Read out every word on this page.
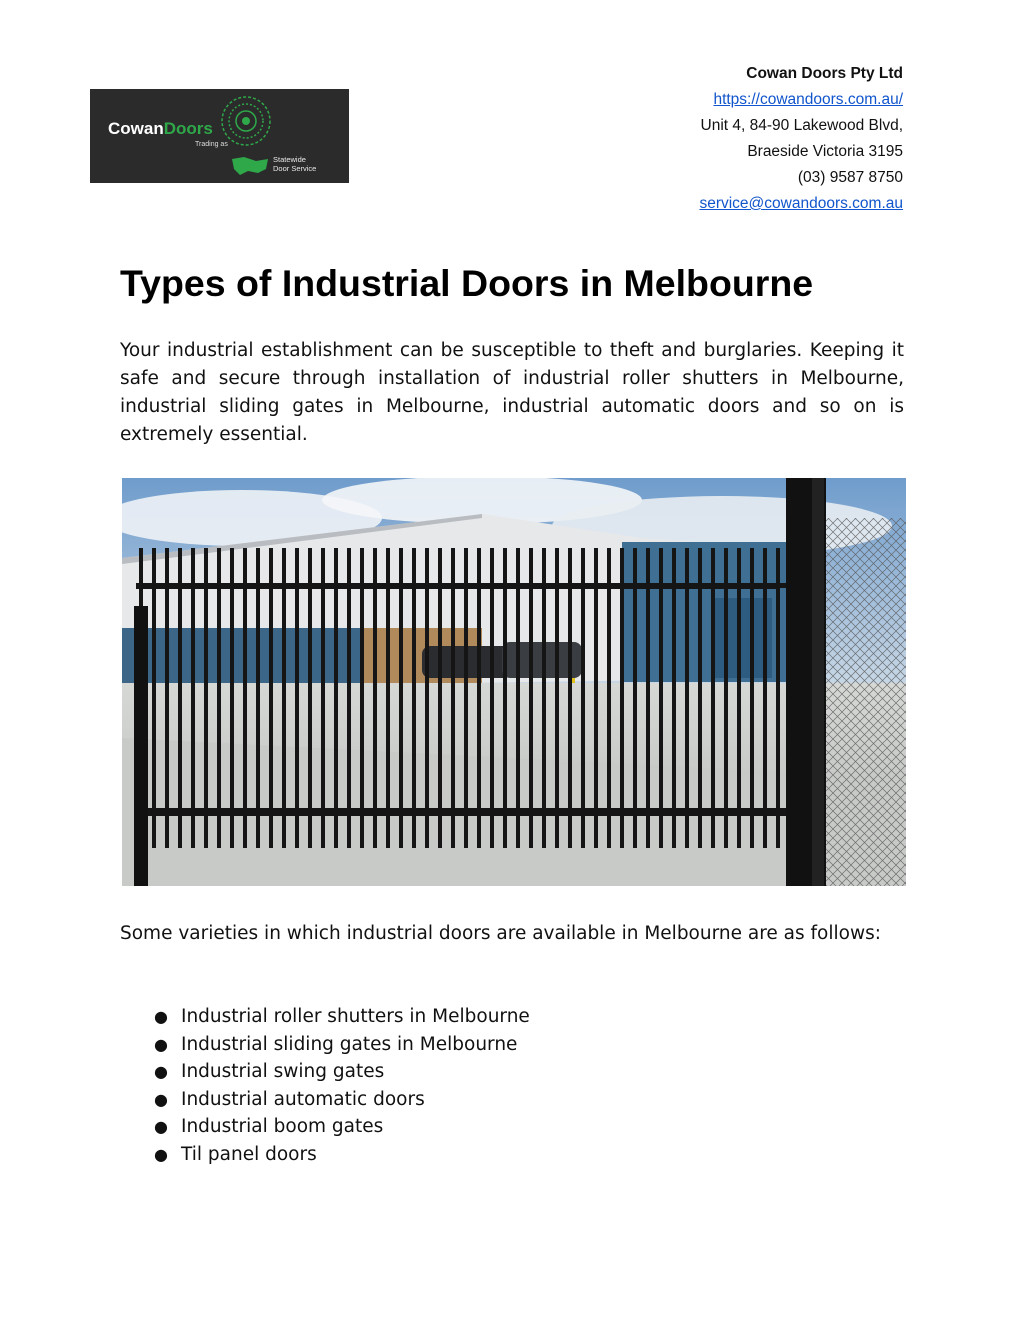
CowanDoors
Trading as
Statewide
Door Service
Cowan Doors Pty Ltd
https://cowandoors.com.au/
Unit 4, 84-90 Lakewood Blvd,
Braeside Victoria 3195
(03) 9587 8750
service@cowandoors.com.au
Types of Industrial Doors in Melbourne

Your industrial establishment can be susceptible to theft and burglaries. Keeping it safe and secure through installation of industrial roller shutters in Melbourne, industrial sliding gates in Melbourne, industrial automatic doors and so on is extremely essential.

Some varieties in which industrial doors are available in Melbourne are as follows:

● Industrial roller shutters in Melbourne
● Industrial sliding gates in Melbourne
● Industrial swing gates
● Industrial automatic doors
● Industrial boom gates
● Til panel doors
